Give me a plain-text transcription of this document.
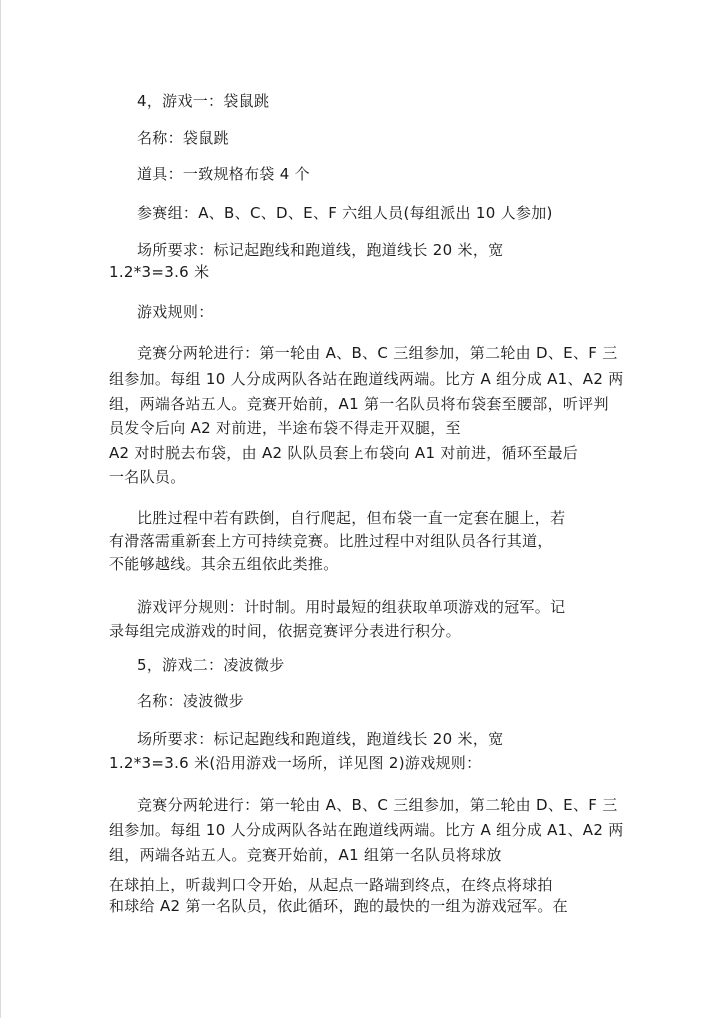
4，游戏一：袋鼠跳
名称：袋鼠跳
道具：一致规格布袋 4 个
参赛组：A、B、C、D、E、F 六组人员(每组派出 10 人参加)
场所要求：标记起跑线和跑道线，跑道线长 20 米，宽
1.2*3=3.6 米
游戏规则：
竞赛分两轮进行：第一轮由 A、B、C 三组参加，第二轮由 D、E、F 三
组参加。每组 10 人分成两队各站在跑道线两端。比方 A 组分成 A1、A2 两
组，两端各站五人。竞赛开始前，A1 第一名队员将布袋套至腰部，听评判
员发令后向 A2 对前进，半途布袋不得走开双腿，至
A2 对时脱去布袋，由 A2 队队员套上布袋向 A1 对前进，循环至最后
一名队员。
比胜过程中若有跌倒，自行爬起，但布袋一直一定套在腿上，若
有滑落需重新套上方可持续竞赛。比胜过程中对组队员各行其道，
不能够越线。其余五组依此类推。
游戏评分规则：计时制。用时最短的组获取单项游戏的冠军。记
录每组完成游戏的时间，依据竞赛评分表进行积分。
5，游戏二：凌波微步
名称：凌波微步
场所要求：标记起跑线和跑道线，跑道线长 20 米，宽
1.2*3=3.6 米(沿用游戏一场所，详见图 2)游戏规则：
竞赛分两轮进行：第一轮由 A、B、C 三组参加，第二轮由 D、E、F 三
组参加。每组 10 人分成两队各站在跑道线两端。比方 A 组分成 A1、A2 两
组，两端各站五人。竞赛开始前，A1 组第一名队员将球放
在球拍上，听裁判口令开始，从起点一路端到终点，在终点将球拍
和球给 A2 第一名队员，依此循环，跑的最快的一组为游戏冠军。在
